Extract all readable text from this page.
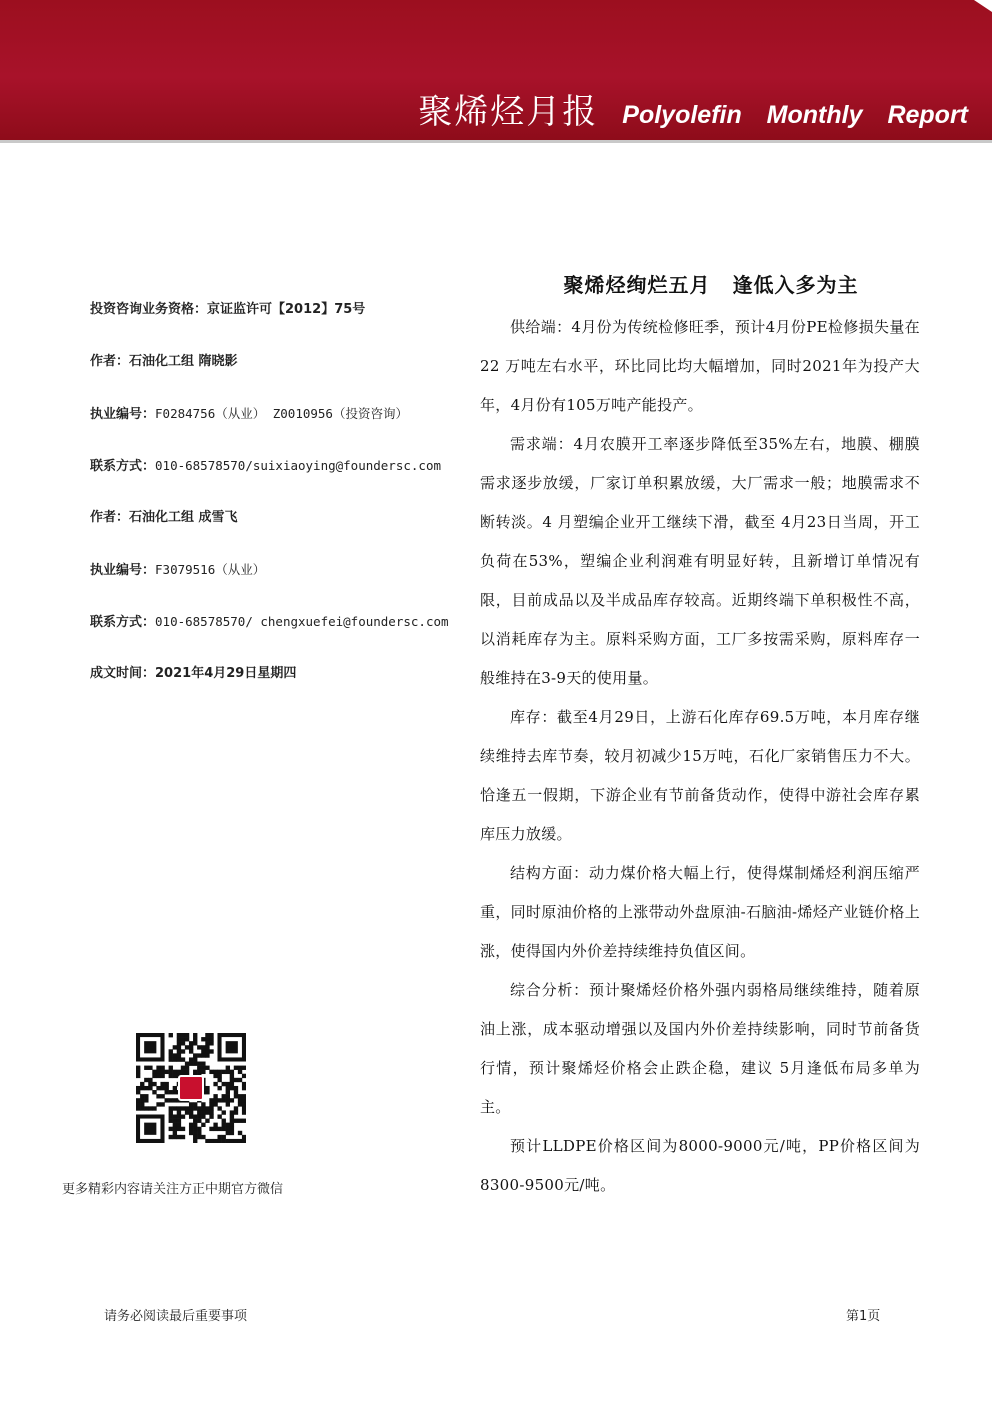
聚烯烃月报 Polyolefin Monthly Report
投资咨询业务资格：京证监许可【2012】75号
作者：石油化工组 隋晓影
执业编号：F0284756（从业） Z0010956（投资咨询）
联系方式：010-68578570/suixiaoying@foundersc.com
作者：石油化工组 成雪飞
执业编号：F3079516（从业）
联系方式：010-68578570/ chengxuefei@foundersc.com
成文时间：2021年4月29日星期四
更多精彩内容请关注方正中期官方微信
聚烯烃绚烂五月 逢低入多为主

供给端：4月份为传统检修旺季，预计4月份PE检修损失量在 22 万吨左右水平，环比同比均大幅增加，同时2021年为投产大年，4月份有105万吨产能投产。

需求端：4月农膜开工率逐步降低至35%左右，地膜、棚膜需求逐步放缓，厂家订单积累放缓，大厂需求一般；地膜需求不断转淡。4 月塑编企业开工继续下滑，截至 4月23日当周，开工负荷在53%，塑编企业利润难有明显好转，且新增订单情况有限，目前成品以及半成品库存较高。近期终端下单积极性不高，以消耗库存为主。原料采购方面，工厂多按需采购，原料库存一般维持在3-9天的使用量。

库存：截至4月29日，上游石化库存69.5万吨，本月库存继续维持去库节奏，较月初减少15万吨，石化厂家销售压力不大。恰逢五一假期，下游企业有节前备货动作，使得中游社会库存累库压力放缓。

结构方面：动力煤价格大幅上行，使得煤制烯烃利润压缩严重，同时原油价格的上涨带动外盘原油-石脑油-烯烃产业链价格上涨，使得国内外价差持续维持负值区间。

综合分析：预计聚烯烃价格外强内弱格局继续维持，随着原油上涨，成本驱动增强以及国内外价差持续影响，同时节前备货行情，预计聚烯烃价格会止跌企稳，建议 5月逢低布局多单为主。

预计LLDPE价格区间为8000-9000元/吨，PP价格区间为8300-9500元/吨。

请务必阅读最后重要事项	第1页
